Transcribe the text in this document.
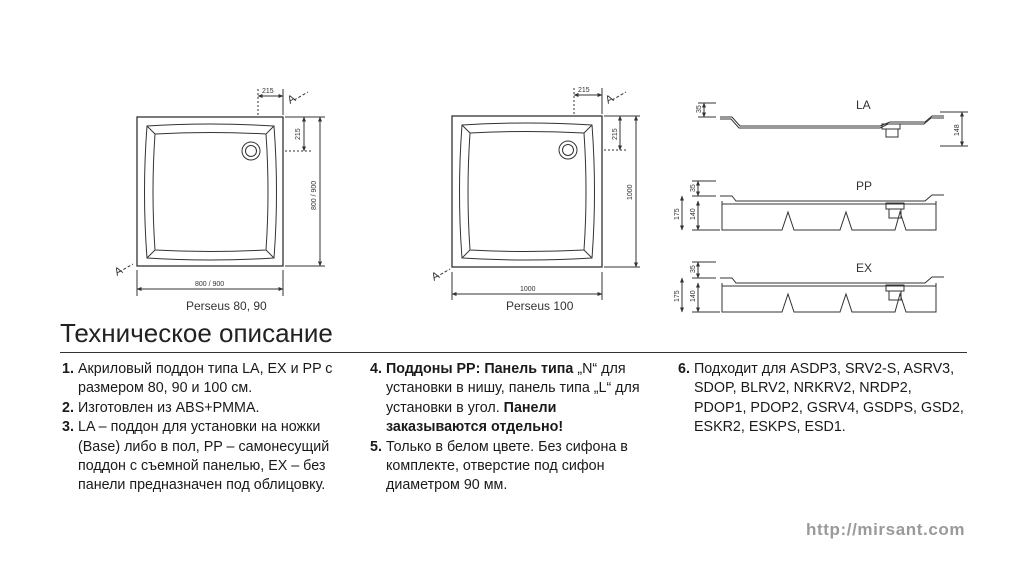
215
215
800 / 900
800 / 900
A
A
215
215
1000
1000
A
A
35
148
LA
35
140
175
PP
35
140
175
EX
Perseus 80, 90	Perseus 100
Техническое описание
1. Акриловый поддон типа LA, EX и PP с размером 80, 90 и 100 см.
2. Изготовлен из ABS+PMMA.
3. LA – поддон для установки на ножки (Base) либо в пол, PP – самонесущий поддон с съемной панелью, EX – без панели предназначен под облицовку.
4. Поддоны PP: Панель типа „N“ для установки в нишу, панель типа „L“ для установки в угол. Панели заказываются отдельно!
5. Только в белом цвете. Без сифона в комплекте, отверстие под сифон диаметром 90 мм.
6. Подходит для ASDP3, SRV2-S, ASRV3, SDOP, BLRV2, NRKRV2, NRDP2, PDOP1, PDOP2, GSRV4, GSDPS, GSD2, ESKR2, ESKPS, ESD1.
http://mirsant.com
